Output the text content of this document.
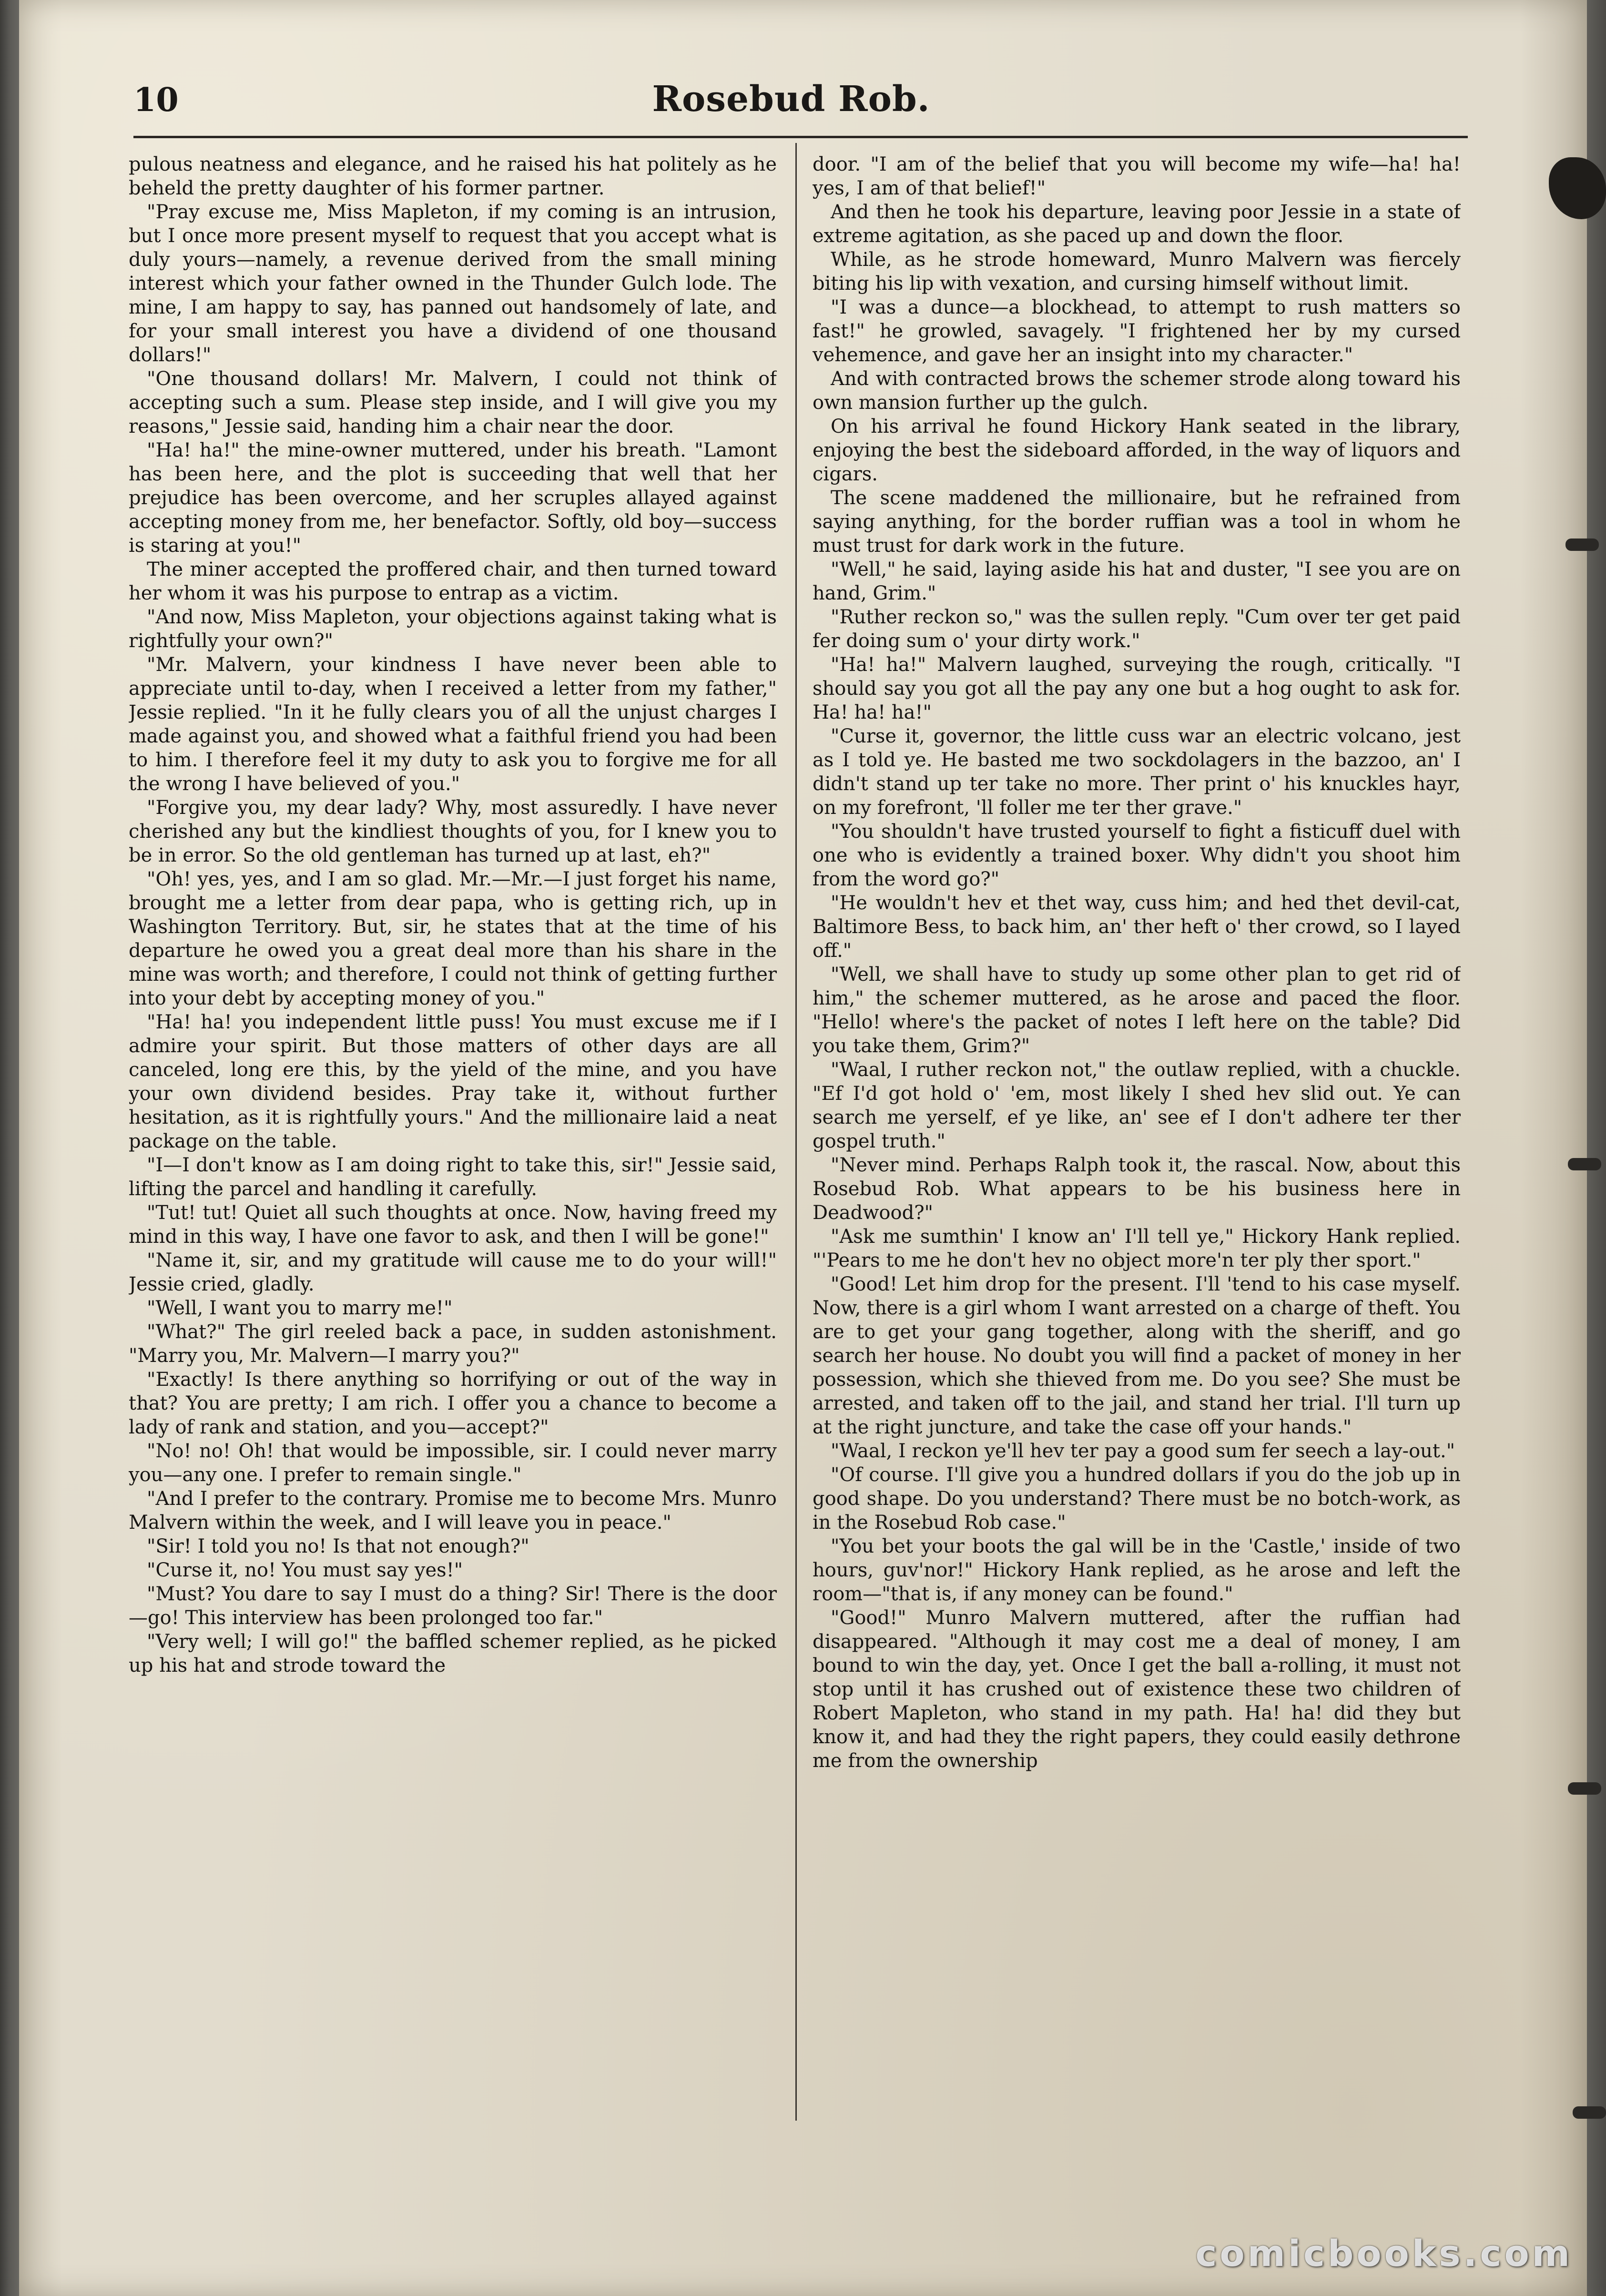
10	Rosebud Rob.

pulous neatness and elegance, and he raised his hat politely as he beheld the pretty daughter of his former partner.

"Pray excuse me, Miss Mapleton, if my coming is an intrusion, but I once more present myself to request that you accept what is duly yours—namely, a revenue derived from the small mining interest which your father owned in the Thunder Gulch lode. The mine, I am happy to say, has panned out handsomely of late, and for your small interest you have a dividend of one thousand dollars!"

"One thousand dollars! Mr. Malvern, I could not think of accepting such a sum. Please step inside, and I will give you my reasons," Jessie said, handing him a chair near the door.

"Ha! ha!" the mine-owner muttered, under his breath. "Lamont has been here, and the plot is succeeding that well that her prejudice has been overcome, and her scruples allayed against accepting money from me, her benefactor. Softly, old boy—success is staring at you!"

The miner accepted the proffered chair, and then turned toward her whom it was his purpose to entrap as a victim.

"And now, Miss Mapleton, your objections against taking what is rightfully your own?"

"Mr. Malvern, your kindness I have never been able to appreciate until to-day, when I received a letter from my father," Jessie replied. "In it he fully clears you of all the unjust charges I made against you, and showed what a faithful friend you had been to him. I therefore feel it my duty to ask you to forgive me for all the wrong I have believed of you."

"Forgive you, my dear lady? Why, most assuredly. I have never cherished any but the kindliest thoughts of you, for I knew you to be in error. So the old gentleman has turned up at last, eh?"

"Oh! yes, yes, and I am so glad. Mr.—Mr.—I just forget his name, brought me a letter from dear papa, who is getting rich, up in Washington Territory. But, sir, he states that at the time of his departure he owed you a great deal more than his share in the mine was worth; and therefore, I could not think of getting further into your debt by accepting money of you."

"Ha! ha! you independent little puss! You must excuse me if I admire your spirit. But those matters of other days are all canceled, long ere this, by the yield of the mine, and you have your own dividend besides. Pray take it, without further hesitation, as it is rightfully yours." And the millionaire laid a neat package on the table.

"I—I don't know as I am doing right to take this, sir!" Jessie said, lifting the parcel and handling it carefully.

"Tut! tut! Quiet all such thoughts at once. Now, having freed my mind in this way, I have one favor to ask, and then I will be gone!"

"Name it, sir, and my gratitude will cause me to do your will!" Jessie cried, gladly.

"Well, I want you to marry me!"

"What?" The girl reeled back a pace, in sudden astonishment. "Marry you, Mr. Malvern—I marry you?"

"Exactly! Is there anything so horrifying or out of the way in that? You are pretty; I am rich. I offer you a chance to become a lady of rank and station, and you—accept?"

"No! no! Oh! that would be impossible, sir. I could never marry you—any one. I prefer to remain single."

"And I prefer to the contrary. Promise me to become Mrs. Munro Malvern within the week, and I will leave you in peace."

"Sir! I told you no! Is that not enough?"

"Curse it, no! You must say yes!"

"Must? You dare to say I must do a thing? Sir! There is the door—go! This interview has been prolonged too far."

"Very well; I will go!" the baffled schemer replied, as he picked up his hat and strode toward the

door. "I am of the belief that you will become my wife—ha! ha! yes, I am of that belief!"

And then he took his departure, leaving poor Jessie in a state of extreme agitation, as she paced up and down the floor.

While, as he strode homeward, Munro Malvern was fiercely biting his lip with vexation, and cursing himself without limit.

"I was a dunce—a blockhead, to attempt to rush matters so fast!" he growled, savagely. "I frightened her by my cursed vehemence, and gave her an insight into my character."

And with contracted brows the schemer strode along toward his own mansion further up the gulch.

On his arrival he found Hickory Hank seated in the library, enjoying the best the sideboard afforded, in the way of liquors and cigars.

The scene maddened the millionaire, but he refrained from saying anything, for the border ruffian was a tool in whom he must trust for dark work in the future.

"Well," he said, laying aside his hat and duster, "I see you are on hand, Grim."

"Ruther reckon so," was the sullen reply. "Cum over ter get paid fer doing sum o' your dirty work."

"Ha! ha!" Malvern laughed, surveying the rough, critically. "I should say you got all the pay any one but a hog ought to ask for. Ha! ha! ha!"

"Curse it, governor, the little cuss war an electric volcano, jest as I told ye. He basted me two sockdolagers in the bazzoo, an' I didn't stand up ter take no more. Ther print o' his knuckles hayr, on my forefront, 'll foller me ter ther grave."

"You shouldn't have trusted yourself to fight a fisticuff duel with one who is evidently a trained boxer. Why didn't you shoot him from the word go?"

"He wouldn't hev et thet way, cuss him; and hed thet devil-cat, Baltimore Bess, to back him, an' ther heft o' ther crowd, so I layed off."

"Well, we shall have to study up some other plan to get rid of him," the schemer muttered, as he arose and paced the floor. "Hello! where's the packet of notes I left here on the table? Did you take them, Grim?"

"Waal, I ruther reckon not," the outlaw replied, with a chuckle. "Ef I'd got hold o' 'em, most likely I shed hev slid out. Ye can search me yerself, ef ye like, an' see ef I don't adhere ter ther gospel truth."

"Never mind. Perhaps Ralph took it, the rascal. Now, about this Rosebud Rob. What appears to be his business here in Deadwood?"

"Ask me sumthin' I know an' I'll tell ye," Hickory Hank replied. "'Pears to me he don't hev no object more'n ter ply ther sport."

"Good! Let him drop for the present. I'll 'tend to his case myself. Now, there is a girl whom I want arrested on a charge of theft. You are to get your gang together, along with the sheriff, and go search her house. No doubt you will find a packet of money in her possession, which she thieved from me. Do you see? She must be arrested, and taken off to the jail, and stand her trial. I'll turn up at the right juncture, and take the case off your hands."

"Waal, I reckon ye'll hev ter pay a good sum fer seech a lay-out."

"Of course. I'll give you a hundred dollars if you do the job up in good shape. Do you understand? There must be no botch-work, as in the Rosebud Rob case."

"You bet your boots the gal will be in the 'Castle,' inside of two hours, guv'nor!" Hickory Hank replied, as he arose and left the room—"that is, if any money can be found."

"Good!" Munro Malvern muttered, after the ruffian had disappeared. "Although it may cost me a deal of money, I am bound to win the day, yet. Once I get the ball a-rolling, it must not stop until it has crushed out of existence these two children of Robert Mapleton, who stand in my path. Ha! ha! did they but know it, and had they the right papers, they could easily dethrone me from the ownership

comicbooks.com
